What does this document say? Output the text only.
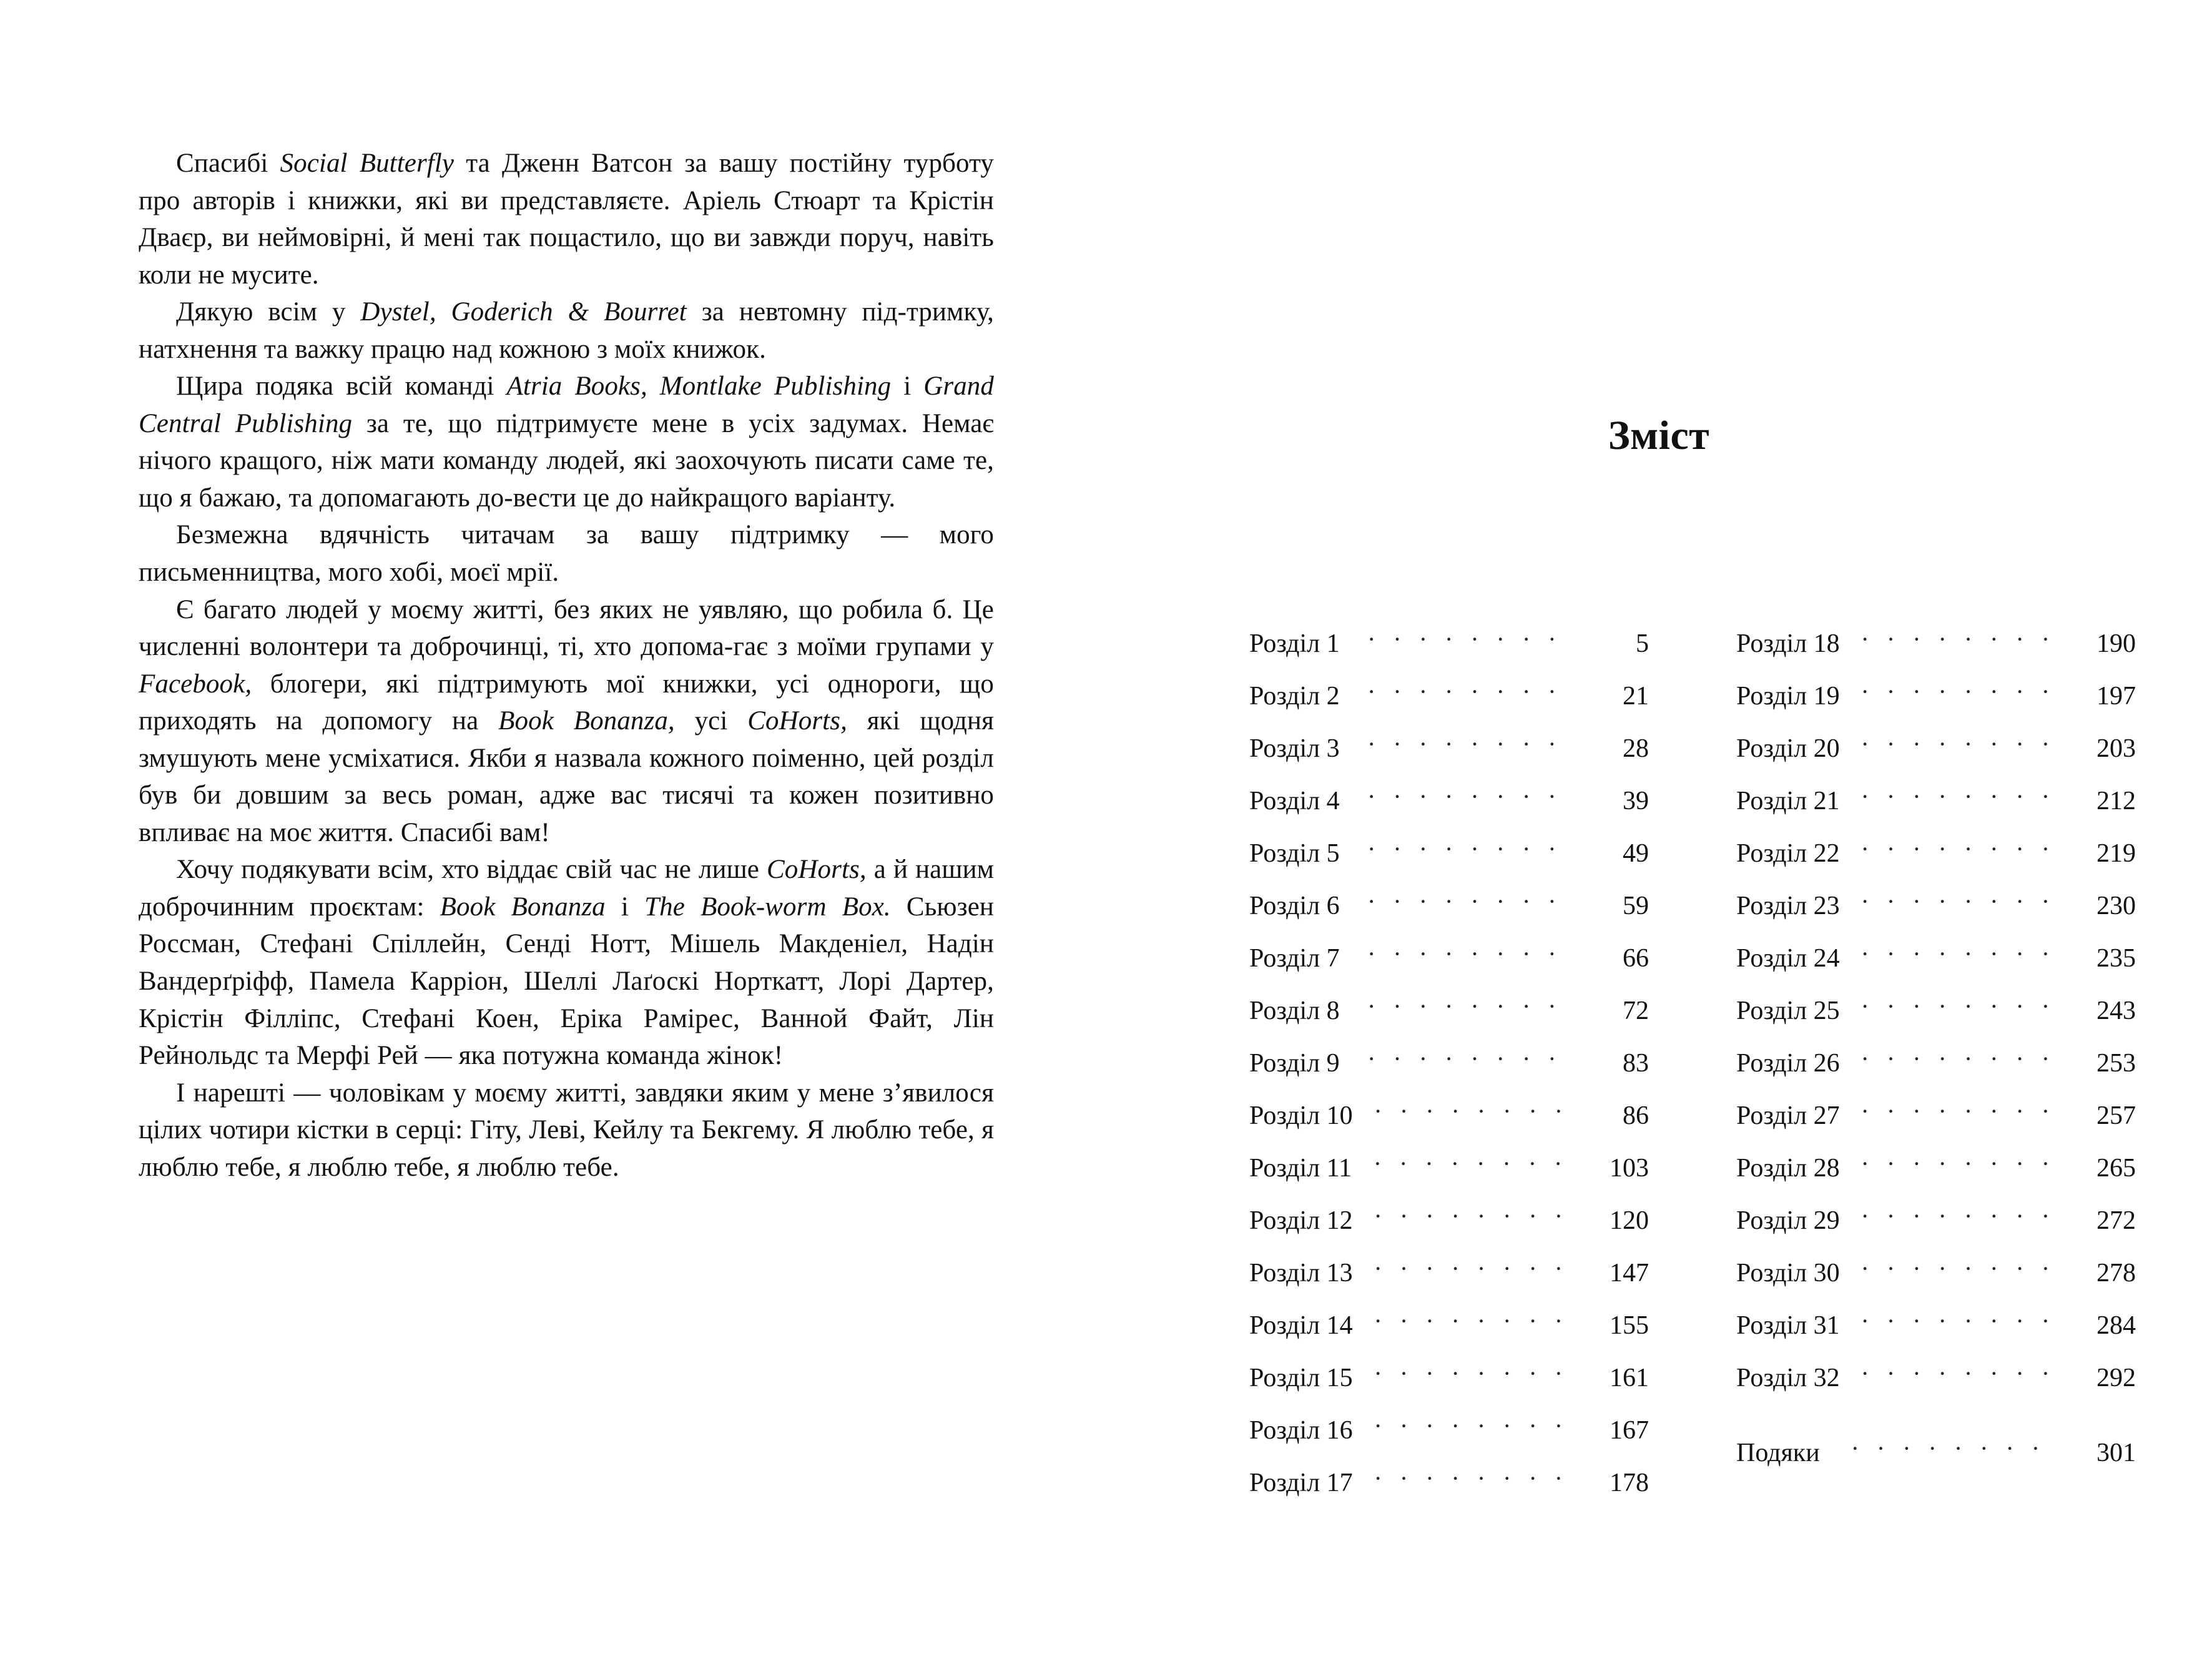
Спасибі Social Butterfly та Дженн Ватсон за вашу постійну турботу про авторів і книжки, які ви представляєте. Аріель Стюарт та Крістін Дваєр, ви неймовірні, й мені так пощастило, що ви завжди поруч, навіть коли не мусите.

Дякую всім у Dystel, Goderich & Bourret за невтомну під-тримку, натхнення та важку працю над кожною з моїх книжок.

Щира подяка всій команді Atria Books, Montlake Publishing і Grand Central Publishing за те, що підтримуєте мене в усіх задумах. Немає нічого кращого, ніж мати команду людей, які заохочують писати саме те, що я бажаю, та допомагають до-вести це до найкращого варіанту.

Безмежна вдячність читачам за вашу підтримку — мого письменництва, мого хобі, моєї мрії.

Є багато людей у моєму житті, без яких не уявляю, що робила б. Це численні волонтери та доброчинці, ті, хто допома-гає з моїми групами у Facebook, блогери, які підтримують мої книжки, усі однороги, що приходять на допомогу на Book Bonanza, усі CoHorts, які щодня змушують мене усміхатися. Якби я назвала кожного поіменно, цей розділ був би довшим за весь роман, адже вас тисячі та кожен позитивно впливає на моє життя. Спасибі вам!

Хочу подякувати всім, хто віддає свій час не лише CoHorts, а й нашим доброчинним проєктам: Book Bonanza і The Book-worm Box. Сьюзен Россман, Стефані Спіллейн, Сенді Нотт, Мішель Макденіел, Надін Вандерґріфф, Памела Карріон, Шеллі Лаґоскі Норткатт, Лорі Дартер, Крістін Філліпс, Стефані Коен, Еріка Рамірес, Ванной Файт, Лін Рейнольдс та Мерфі Рей — яка потужна команда жінок!

І нарешті — чоловікам у моєму житті, завдяки яким у мене з’явилося цілих чотири кістки в серці: Гіту, Леві, Кейлу та Бекгему. Я люблю тебе, я люблю тебе, я люблю тебе, я люблю тебе.

Зміст
Розділ 1	· · · · · · · ·	5
Розділ 2	· · · · · · · ·	21
Розділ 3	· · · · · · · ·	28
Розділ 4	· · · · · · · ·	39
Розділ 5	· · · · · · · ·	49
Розділ 6	· · · · · · · ·	59
Розділ 7	· · · · · · · ·	66
Розділ 8	· · · · · · · ·	72
Розділ 9	· · · · · · · ·	83
Розділ 10 · · · · · · · ·	86
Розділ 11 · · · · · · · ·	103
Розділ 12 · · · · · · · ·	120
Розділ 13 · · · · · · · ·	147
Розділ 14 · · · · · · · ·	155
Розділ 15 · · · · · · · ·	161
Розділ 16 · · · · · · · ·	167
Розділ 17 · · · · · · · ·	178
Розділ 18 · · · · · · · ·	190
Розділ 19 · · · · · · · ·	197
Розділ 20 · · · · · · · ·	203
Розділ 21 · · · · · · · ·	212
Розділ 22 · · · · · · · ·	219
Розділ 23 · · · · · · · ·	230
Розділ 24 · · · · · · · ·	235
Розділ 25 · · · · · · · ·	243
Розділ 26 · · · · · · · ·	253
Розділ 27 · · · · · · · ·	257
Розділ 28 · · · · · · · ·	265
Розділ 29 · · · · · · · ·	272
Розділ 30 · · · · · · · ·	278
Розділ 31 · · · · · · · ·	284
Розділ 32 · · · · · · · ·	292
Подяки	· · · · · · · ·	301
